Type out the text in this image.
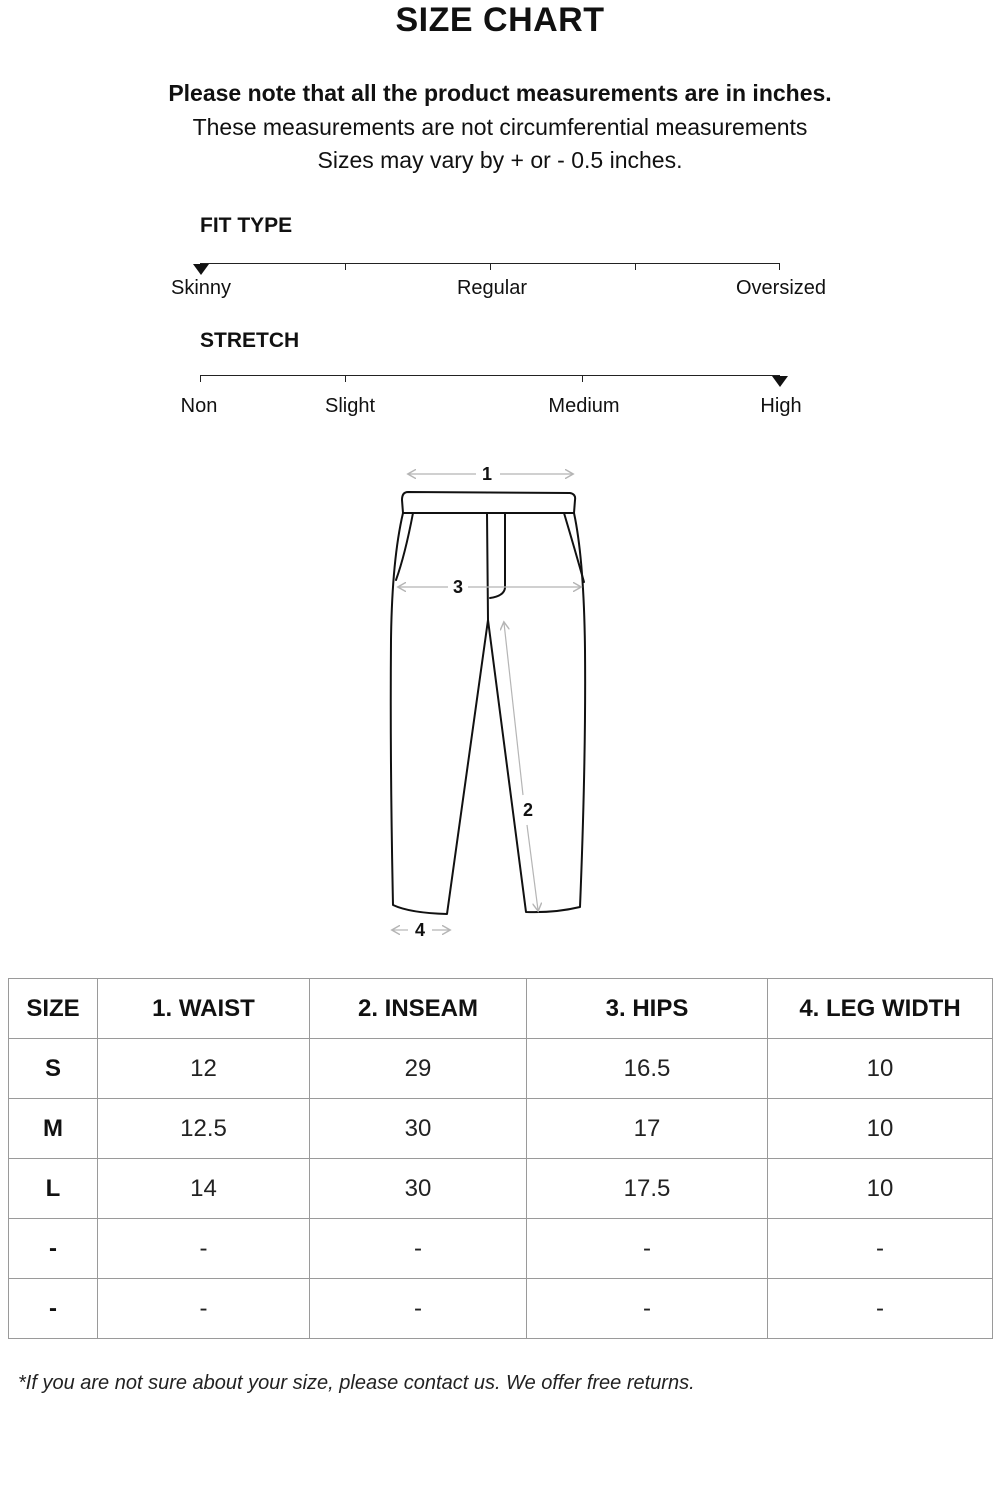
SIZE CHART
Please note that all the product measurements are in inches.
These measurements are not circumferential measurements
Sizes may vary by + or - 0.5 inches.
FIT TYPE
Skinny	Regular	Oversized
STRETCH
Non	Slight	Medium	High
1
2
3
4
SIZE	1. WAIST	2. INSEAM	3. HIPS	4. LEG WIDTH
S	12	29	16.5	10
M	12.5	30	17	10
L	14	30	17.5	10
-	-	-	-	-
-	-	-	-	-
*If you are not sure about your size, please contact us. We offer free returns.
